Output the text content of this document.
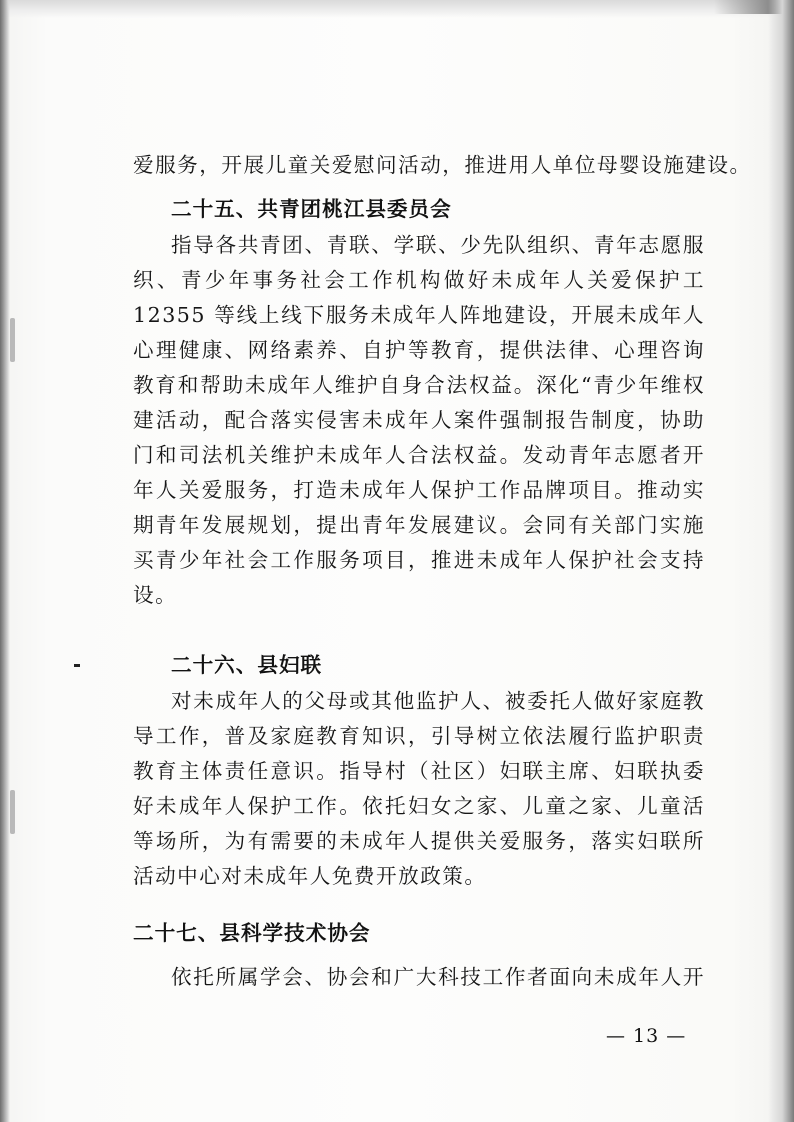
爱服务，开展儿童关爱慰问活动，推进用人单位母婴设施建设。
二十五、共青团桃江县委员会
指导各共青团、青联、学联、少先队组织、青年志愿服
织、青少年事务社会工作机构做好未成年人关爱保护工
12355 等线上线下服务未成年人阵地建设，开展未成年人
心理健康、网络素养、自护等教育，提供法律、心理咨询
教育和帮助未成年人维护自身合法权益。深化“青少年维权
建活动，配合落实侵害未成年人案件强制报告制度，协助
门和司法机关维护未成年人合法权益。发动青年志愿者开
年人关爱服务，打造未成年人保护工作品牌项目。推动实
期青年发展规划，提出青年发展建议。会同有关部门实施
买青少年社会工作服务项目，推进未成年人保护社会支持
设。
二十六、县妇联
对未成年人的父母或其他监护人、被委托人做好家庭教
导工作，普及家庭教育知识，引导树立依法履行监护职责
教育主体责任意识。指导村（社区）妇联主席、妇联执委
好未成年人保护工作。依托妇女之家、儿童之家、儿童活
等场所，为有需要的未成年人提供关爱服务，落实妇联所
活动中心对未成年人免费开放政策。
二十七、县科学技术协会
依托所属学会、协会和广大科技工作者面向未成年人开
— 13 —
